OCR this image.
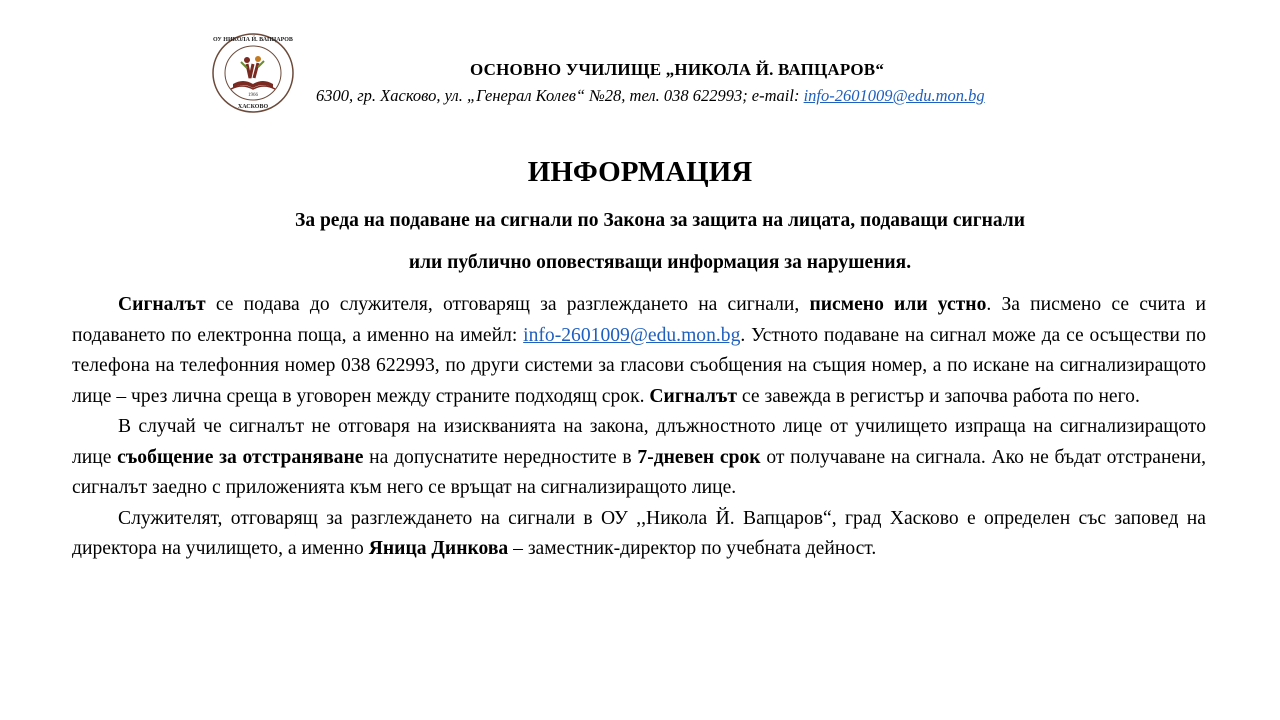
1966
ХАСКОВО
ОУ НИКОЛА Й. ВАПЦАРОВ
ОСНОВНО УЧИЛИЩЕ „НИКОЛА Й. ВАПЦАРОВ“
6300, гр. Хасково, ул. „Генерал Колев“ №28, тел. 038 622993; e-mail: info-2601009@edu.mon.bg
ИНФОРМАЦИЯ
За реда на подаване на сигнали по Закона за защита на лицата, подаващи сигнали
или публично оповестяващи информация за нарушения.

Сигналът се подава до служителя, отговарящ за разглеждането на сигнали, писмено или устно. За писмено се счита и подаването по електронна поща, а именно на имейл: info-2601009@edu.mon.bg. Устното подаване на сигнал може да се осъществи по телефона на телефонния номер 038 622993, по други системи за гласови съобщения на същия номер, а по искане на сигнализиращото лице – чрез лична среща в уговорен между страните подходящ срок. Сигналът се завежда в регистър и започва работа по него.

В случай че сигналът не отговаря на изискванията на закона, длъжностното лице от училището изпраща на сигнализиращото лице съобщение за отстраняване на допуснатите нередностите в 7-дневен срок от получаване на сигнала. Ако не бъдат отстранени, сигналът заедно с приложенията към него се връщат на сигнализиращото лице.

Служителят, отговарящ за разглеждането на сигнали в ОУ ,,Никола Й. Вапцаров“, град Хасково е определен със заповед на директора на училището, а именно Яница Динкова – заместник-директор по учебната дейност.
